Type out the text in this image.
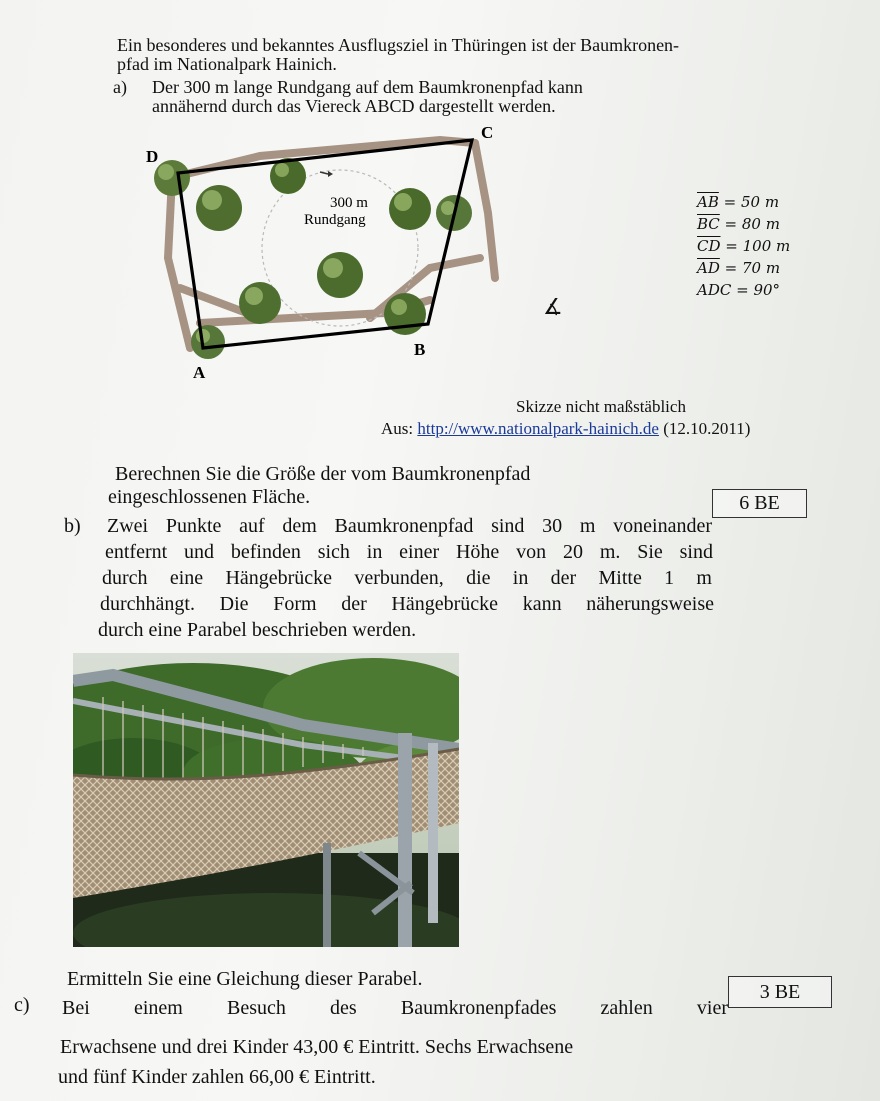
Ein besonderes und bekanntes Ausflugsziel in Thüringen ist der Baumkronen-
pfad im Nationalpark Hainich.
a) Der 300 m lange Rundgang auf dem Baumkronenpfad kann
annähernd durch das Viereck ABCD dargestellt werden.
C
D
B
A
300 m
Rundgang
$\overline{AB} = 50$ m
$\overline{BC} = 80$ m
$\overline{CD} = 100$ m
$\overline{AD} = 70$ m
ADC = 90°
∡
Skizze nicht maßstäblich
Aus: http://www.nationalpark-hainich.de (12.10.2011)
Berechnen Sie die Größe der vom Baumkronenpfad
eingeschlossenen Fläche.	6 BE
b) Zwei Punkte auf dem Baumkronenpfad sind 30 m voneinander
entfernt und befinden sich in einer Höhe von 20 m. Sie sind
durch eine Hängebrücke verbunden, die in der Mitte 1 m
durchhängt. Die Form der Hängebrücke kann näherungsweise
durch eine Parabel beschrieben werden.
Ermitteln Sie eine Gleichung dieser Parabel.
3 BE
c) Bei einem Besuch des Baumkronenpfades zahlen vier
Erwachsene und drei Kinder 43,00 € Eintritt. Sechs Erwachsene
und fünf Kinder zahlen 66,00 € Eintritt.
